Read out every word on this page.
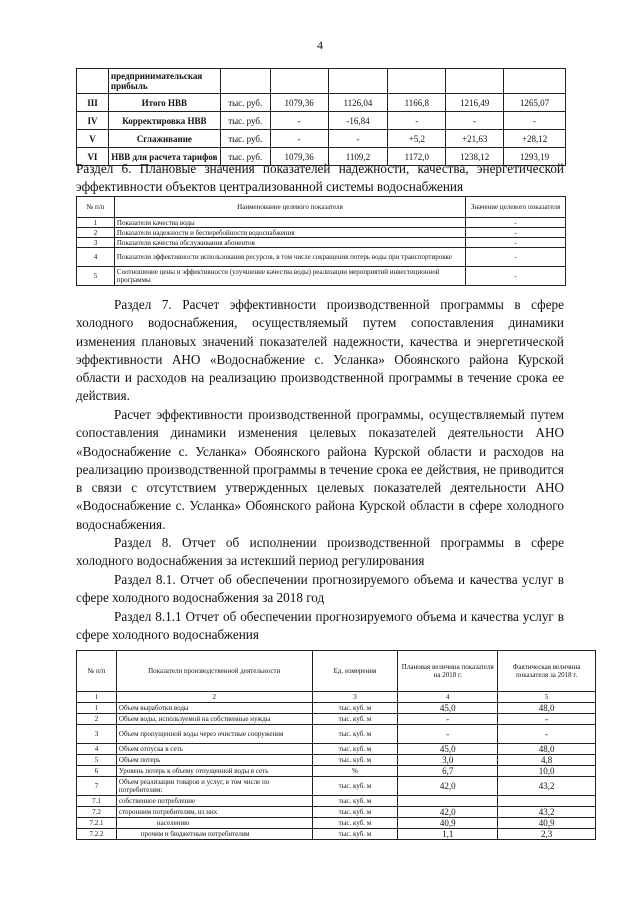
4
	предпринимательская прибыль						
III	Итого НВВ	тыс. руб.	1079,36	1126,04	1166,8	1216,49	1265,07
IV	Корректировка НВВ	тыс. руб.	-	-16,84	-	-	-
V	Сглаживание	тыс. руб.	-	-	+5,2	+21,63	+28,12
VI	НВВ для расчета тарифов	тыс. руб.	1079,36	1109,2	1172,0	1238,12	1293,19
Раздел 6. Плановые значения показателей надежности, качества, энергетической эффективности объектов централизованной системы водоснабжения
№ п/п	Наименование целевого показателя	Значение целевого показателя
1	Показатели качества воды	-
2	Показатели надежности и бесперебойности водоснабжения	-
3	Показатели качества обслуживания абонентов	-
4	Показатели эффективности использования ресурсов, в том числе сокращения потерь воды при транспортировке	-
5	Соотношение цены и эффективности (улучшение качества воды) реализации мероприятий инвестиционной программы	-
Раздел 7. Расчет эффективности производственной программы в сфере холодного водоснабжения, осуществляемый путем сопоставления динамики изменения плановых значений показателей надежности, качества и энергетической эффективности АНО «Водоснабжение с. Усланка» Обоянского района Курской области и расходов на реализацию производственной программы в течение срока ее действия.
Расчет эффективности производственной программы, осуществляемый путем сопоставления динамики изменения целевых показателей деятельности АНО «Водоснабжение с. Усланка» Обоянского района Курской области и расходов на реализацию производственной программы в течение срока ее действия, не приводится в связи с отсутствием утвержденных целевых показателей деятельности АНО «Водоснабжение с. Усланка» Обоянского района Курской области в сфере холодного водоснабжения.
Раздел 8. Отчет об исполнении производственной программы в сфере холодного водоснабжения за истекший период регулирования
Раздел 8.1. Отчет об обеспечении прогнозируемого объема и качества услуг в сфере холодного водоснабжения за 2018 год
Раздел 8.1.1 Отчет об обеспечении прогнозируемого объема и качества услуг в сфере холодного водоснабжения
№ п/п	Показатели производственной деятельности	Ед. измерения	Плановая величина показателя на 2018 г.	Фактическая величина показателя за 2018 г.
1	2	3	4	5
1	Объем выработки воды	тыс. куб. м	45,0	48,0
2	Объем воды, используемой на собственные нужды	тыс. куб. м	-	-
3	Объем пропущенной воды через очистные сооружения	тыс. куб. м	-	-
4	Объем отпуска в сеть	тыс. куб. м	45,0	48,0
5	Объем потерь	тыс. куб. м	3,0	4,8
6	Уровень потерь к объему отпущенной воды в сеть	%	6,7	10,0
7	Объем реализации товаров и услуг, в том числе по потребителям:	тыс. куб. м	42,0	43,2
7.1	собственное потребление	тыс. куб. м		
7.2	сторонним потребителям, из них	тыс. куб. м	42,0	43,2
7.2.1	населению	тыс. куб. м	40,9	40,9
7.2.2	прочим и бюджетным потребителям	тыс. куб. м	1,1	2,3
